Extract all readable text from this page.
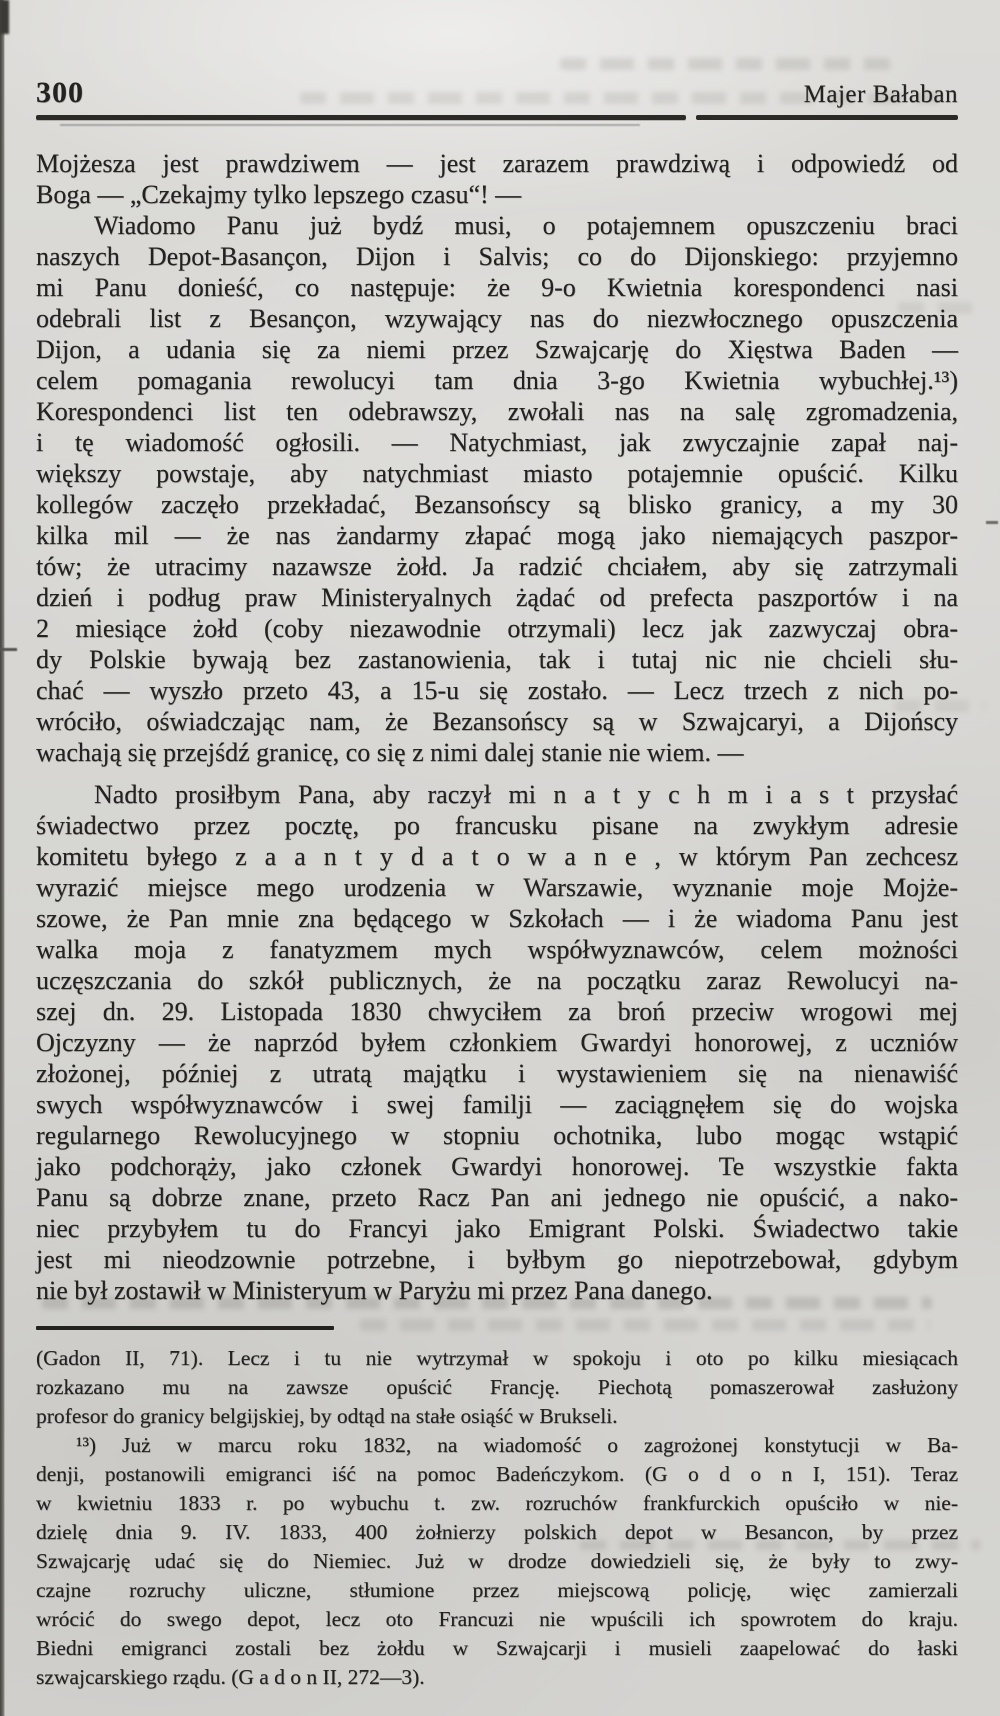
300	Majer Bałaban
Mojżesza jest prawdziwem — jest zarazem prawdziwą i odpowiedź od
Boga — „Czekajmy tylko lepszego czasu“! —
Wiadomo Panu już bydź musi, o potajemnem opuszczeniu braci
naszych Depot-Basançon, Dijon i Salvis; co do Dijonskiego: przyjemno
mi Panu donieść, co następuje: że 9-o Kwietnia korespondenci nasi
odebrali list z Besançon, wzywający nas do niezwłocznego opuszczenia
Dijon, a udania się za niemi przez Szwajcarję do Xięstwa Baden —
celem pomagania rewolucyi tam dnia 3-go Kwietnia wybuchłej.¹³)
Korespondenci list ten odebrawszy, zwołali nas na salę zgromadzenia,
i tę wiadomość ogłosili. — Natychmiast, jak zwyczajnie zapał naj-
większy powstaje, aby natychmiast miasto potajemnie opuścić. Kilku
kollegów zaczęło przekładać, Bezansońscy są blisko granicy, a my 30
kilka mil — że nas żandarmy złapać mogą jako niemających paszpor-
tów; że utracimy nazawsze żołd. Ja radzić chciałem, aby się zatrzymali
dzień i podług praw Ministeryalnych żądać od prefecta paszportów i na
2 miesiące żołd (coby niezawodnie otrzymali) lecz jak zazwyczaj obra-
dy Polskie bywają bez zastanowienia, tak i tutaj nic nie chcieli słu-
chać — wyszło przeto 43, a 15-u się zostało. — Lecz trzech z nich po-
wróciło, oświadczając nam, że Bezansońscy są w Szwajcaryi, a Dijońscy
wachają się przejśdź granicę, co się z nimi dalej stanie nie wiem. —
Nadto prosiłbym Pana, aby raczył mi n a t y c h m i a s t przysłać
świadectwo przez pocztę, po francusku pisane na zwykłym adresie
komitetu byłego z a a n t y d a t o w a n e , w którym Pan zechcesz
wyrazić miejsce mego urodzenia w Warszawie, wyznanie moje Mojże-
szowe, że Pan mnie zna będącego w Szkołach — i że wiadoma Panu jest
walka moja z fanatyzmem mych współwyznawców, celem możności
uczęszczania do szkół publicznych, że na początku zaraz Rewolucyi na-
szej dn. 29. Listopada 1830 chwyciłem za broń przeciw wrogowi mej
Ojczyzny — że naprzód byłem członkiem Gwardyi honorowej, z uczniów
złożonej, później z utratą majątku i wystawieniem się na nienawiść
swych współwyznawców i swej familji — zaciągnęłem się do wojska
regularnego Rewolucyjnego w stopniu ochotnika, lubo mogąc wstąpić
jako podchorąży, jako członek Gwardyi honorowej. Te wszystkie fakta
Panu są dobrze znane, przeto Racz Pan ani jednego nie opuścić, a nako-
niec przybyłem tu do Francyi jako Emigrant Polski. Świadectwo takie
jest mi nieodzownie potrzebne, i byłbym go niepotrzebował, gdybym
nie był zostawił w Ministeryum w Paryżu mi przez Pana danego.
(Gadon II, 71). Lecz i tu nie wytrzymał w spokoju i oto po kilku miesiącach
rozkazano mu na zawsze opuścić Francję. Piechotą pomaszerował zasłużony
profesor do granicy belgijskiej, by odtąd na stałe osiąść w Brukseli.
¹³) Już w marcu roku 1832, na wiadomość o zagrożonej konstytucji w Ba-
denji, postanowili emigranci iść na pomoc Badeńczykom. (G o d o n I, 151). Teraz
w kwietniu 1833 r. po wybuchu t. zw. rozruchów frankfurckich opuściło w nie-
dzielę dnia 9. IV. 1833, 400 żołnierzy polskich depot w Besancon, by przez
Szwajcarję udać się do Niemiec. Już w drodze dowiedzieli się, że były to zwy-
czajne rozruchy uliczne, stłumione przez miejscową policję, więc zamierzali
wrócić do swego depot, lecz oto Francuzi nie wpuścili ich spowrotem do kraju.
Biedni emigranci zostali bez żołdu w Szwajcarji i musieli zaapelować do łaski
szwajcarskiego rządu. (G a d o n II, 272—3).
